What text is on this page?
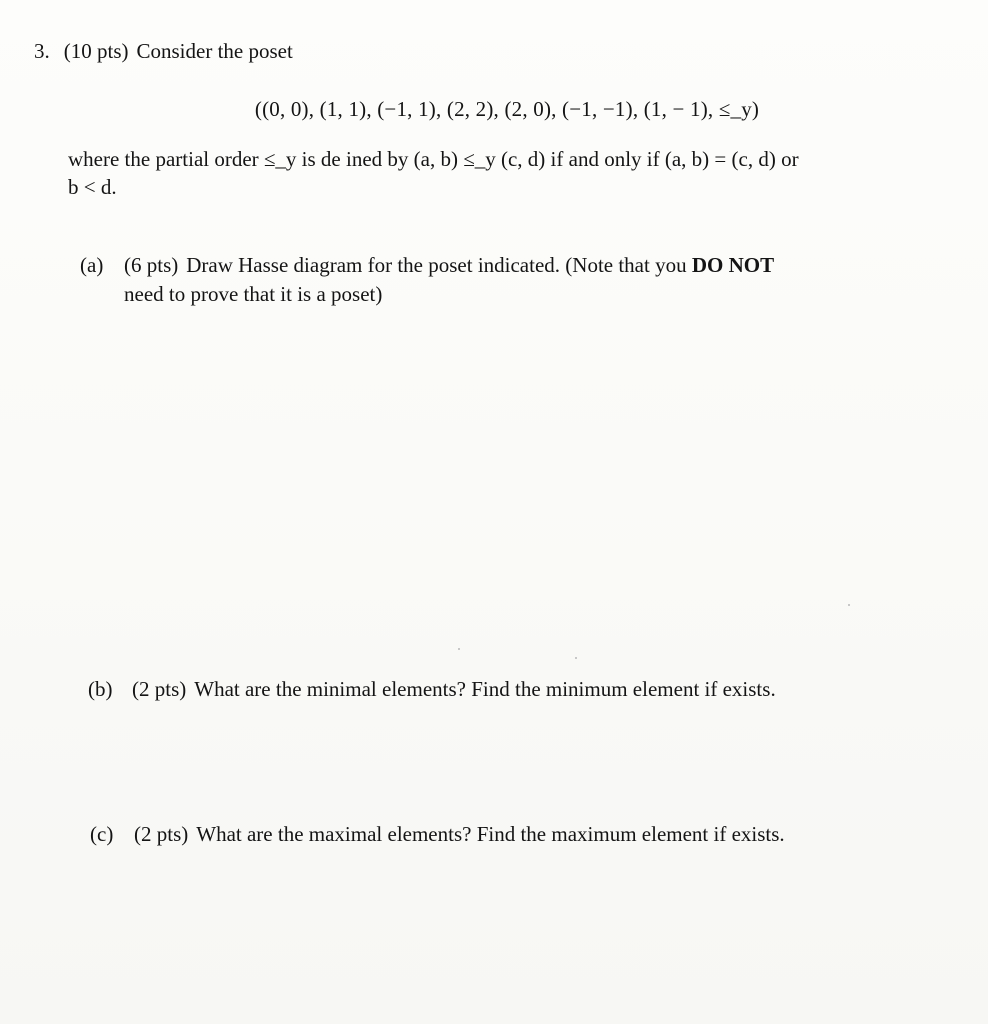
3. (10 pts) Consider the poset
((0, 0), (1, 1), (−1, 1), (2, 2), (2, 0), (−1, −1), (1, − 1), ≤_y)
where the partial order ≤_y is de ined by (a, b) ≤_y (c, d) if and only if (a, b) = (c, d) or
b < d.
(a) (6 pts) Draw Hasse diagram for the poset indicated. (Note that you DO NOT
need to prove that it is a poset)
(b) (2 pts) What are the minimal elements? Find the minimum element if exists.
(c) (2 pts) What are the maximal elements? Find the maximum element if exists.
